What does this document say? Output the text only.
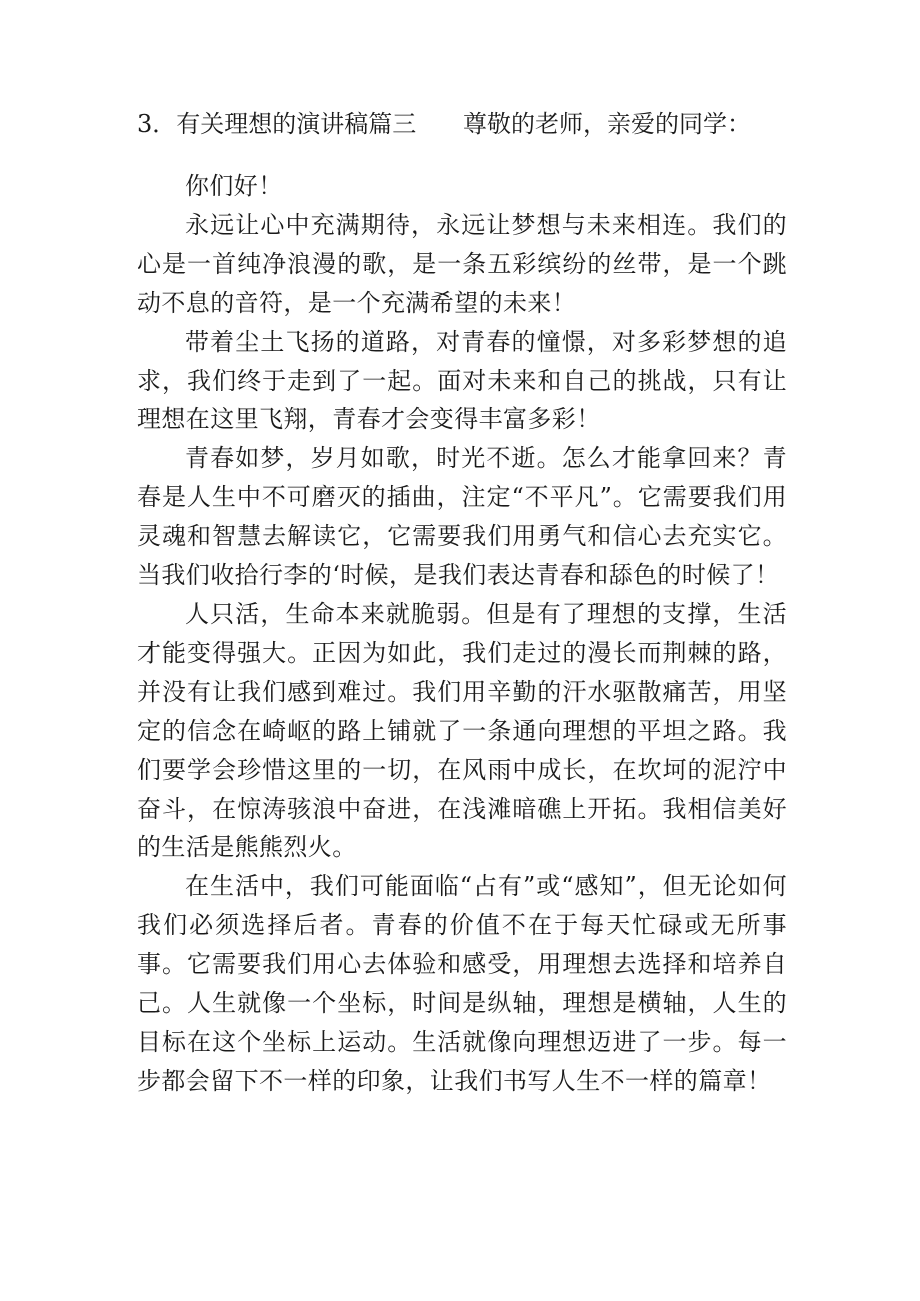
3．有关理想的演讲稿篇三 尊敬的老师，亲爱的同学：

你们好！

永远让心中充满期待，永远让梦想与未来相连。我们的心是一首纯净浪漫的歌，是一条五彩缤纷的丝带，是一个跳动不息的音符，是一个充满希望的未来！

带着尘土飞扬的道路，对青春的憧憬，对多彩梦想的追求，我们终于走到了一起。面对未来和自己的挑战，只有让理想在这里飞翔，青春才会变得丰富多彩！

青春如梦，岁月如歌，时光不逝。怎么才能拿回来？青春是人生中不可磨灭的插曲，注定“不平凡”。它需要我们用灵魂和智慧去解读它，它需要我们用勇气和信心去充实它。当我们收拾行李的‘时候，是我们表达青春和舔色的时候了！

人只活，生命本来就脆弱。但是有了理想的支撑，生活才能变得强大。正因为如此，我们走过的漫长而荆棘的路，并没有让我们感到难过。我们用辛勤的汗水驱散痛苦，用坚定的信念在崎岖的路上铺就了一条通向理想的平坦之路。我们要学会珍惜这里的一切，在风雨中成长，在坎坷的泥泞中奋斗，在惊涛骇浪中奋进，在浅滩暗礁上开拓。我相信美好的生活是熊熊烈火。

在生活中，我们可能面临“占有”或“感知”，但无论如何我们必须选择后者。青春的价值不在于每天忙碌或无所事事。它需要我们用心去体验和感受，用理想去选择和培养自己。人生就像一个坐标，时间是纵轴，理想是横轴，人生的目标在这个坐标上运动。生活就像向理想迈进了一步。每一步都会留下不一样的印象，让我们书写人生不一样的篇章！
